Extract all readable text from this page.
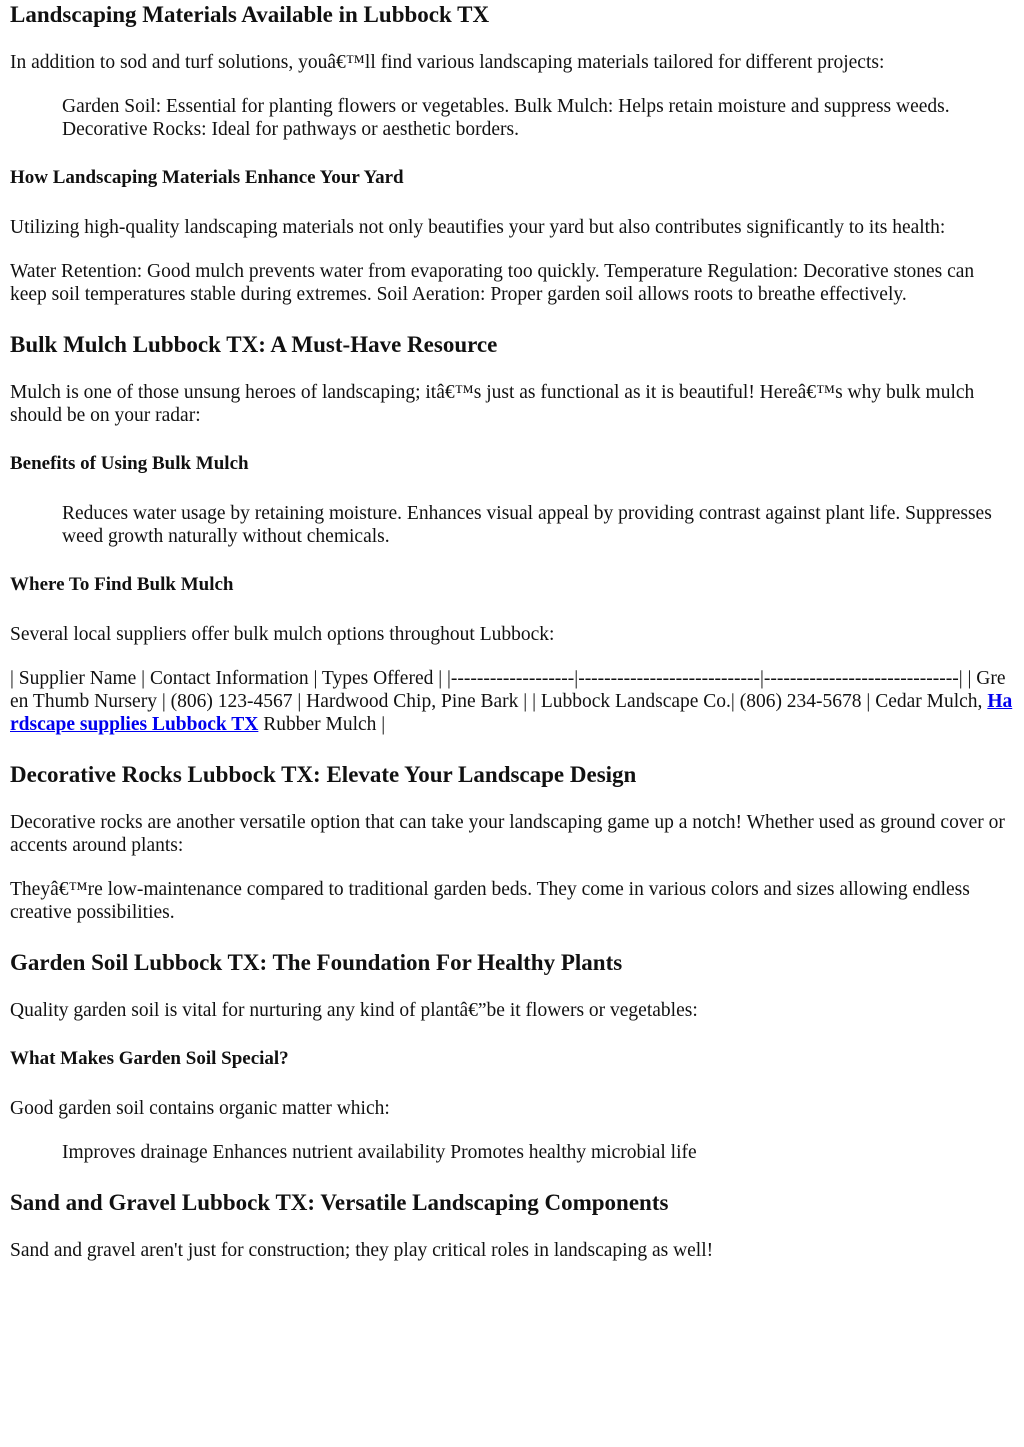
Landscaping Materials Available in Lubbock TX

In addition to sod and turf solutions, youâ€™ll find various landscaping materials tailored for different projects:

Garden Soil: Essential for planting flowers or vegetables. Bulk Mulch: Helps retain moisture and suppress weeds. Decorative Rocks: Ideal for pathways or aesthetic borders.

How Landscaping Materials Enhance Your Yard

Utilizing high-quality landscaping materials not only beautifies your yard but also contributes significantly to its health:

Water Retention: Good mulch prevents water from evaporating too quickly. Temperature Regulation: Decorative stones can keep soil temperatures stable during extremes. Soil Aeration: Proper garden soil allows roots to breathe effectively.

Bulk Mulch Lubbock TX: A Must-Have Resource

Mulch is one of those unsung heroes of landscaping; itâ€™s just as functional as it is beautiful! Hereâ€™s why bulk mulch should be on your radar:

Benefits of Using Bulk Mulch

Reduces water usage by retaining moisture. Enhances visual appeal by providing contrast against plant life. Suppresses weed growth naturally without chemicals.

Where To Find Bulk Mulch

Several local suppliers offer bulk mulch options throughout Lubbock:

| Supplier Name | Contact Information | Types Offered | |-------------------|----------------------------|------------------------------| | Green Thumb Nursery | (806) 123-4567 | Hardwood Chip, Pine Bark | | Lubbock Landscape Co.| (806) 234-5678 | Cedar Mulch, Hardscape supplies Lubbock TX Rubber Mulch |

Decorative Rocks Lubbock TX: Elevate Your Landscape Design

Decorative rocks are another versatile option that can take your landscaping game up a notch! Whether used as ground cover or accents around plants:

Theyâ€™re low-maintenance compared to traditional garden beds. They come in various colors and sizes allowing endless creative possibilities.

Garden Soil Lubbock TX: The Foundation For Healthy Plants

Quality garden soil is vital for nurturing any kind of plantâ€”be it flowers or vegetables:

What Makes Garden Soil Special?

Good garden soil contains organic matter which:

Improves drainage Enhances nutrient availability Promotes healthy microbial life

Sand and Gravel Lubbock TX: Versatile Landscaping Components

Sand and gravel aren't just for construction; they play critical roles in landscaping as well!
